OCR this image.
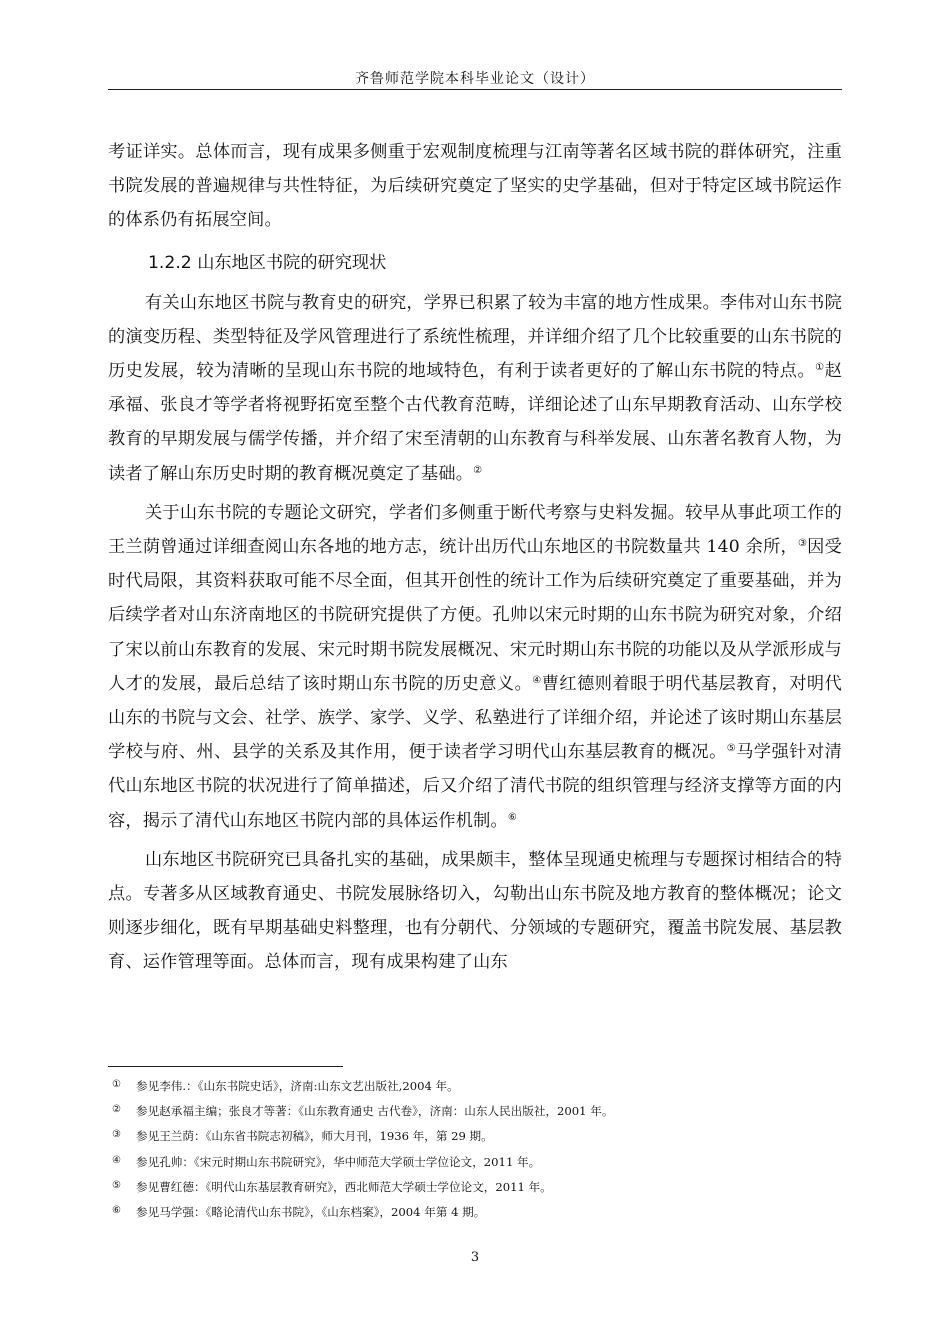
齐鲁师范学院本科毕业论文（设计）

考证详实。总体而言，现有成果多侧重于宏观制度梳理与江南等著名区域书院的群体研究，注重书院发展的普遍规律与共性特征，为后续研究奠定了坚实的史学基础，但对于特定区域书院运作的体系仍有拓展空间。

1.2.2 山东地区书院的研究现状

有关山东地区书院与教育史的研究，学界已积累了较为丰富的地方性成果。李伟对山东书院的演变历程、类型特征及学风管理进行了系统性梳理，并详细介绍了几个比较重要的山东书院的历史发展，较为清晰的呈现山东书院的地域特色，有利于读者更好的了解山东书院的特点。①赵承福、张良才等学者将视野拓宽至整个古代教育范畴，详细论述了山东早期教育活动、山东学校教育的早期发展与儒学传播，并介绍了宋至清朝的山东教育与科举发展、山东著名教育人物，为读者了解山东历史时期的教育概况奠定了基础。②

关于山东书院的专题论文研究，学者们多侧重于断代考察与史料发掘。较早从事此项工作的王兰荫曾通过详细查阅山东各地的地方志，统计出历代山东地区的书院数量共 140 余所，③因受时代局限，其资料获取可能不尽全面，但其开创性的统计工作为后续研究奠定了重要基础，并为后续学者对山东济南地区的书院研究提供了方便。孔帅以宋元时期的山东书院为研究对象，介绍了宋以前山东教育的发展、宋元时期书院发展概况、宋元时期山东书院的功能以及从学派形成与人才的发展，最后总结了该时期山东书院的历史意义。④曹红德则着眼于明代基层教育，对明代山东的书院与文会、社学、族学、家学、义学、私塾进行了详细介绍，并论述了该时期山东基层学校与府、州、县学的关系及其作用，便于读者学习明代山东基层教育的概况。⑤马学强针对清代山东地区书院的状况进行了简单描述，后又介绍了清代书院的组织管理与经济支撑等方面的内容，揭示了清代山东地区书院内部的具体运作机制。⑥

山东地区书院研究已具备扎实的基础，成果颇丰，整体呈现通史梳理与专题探讨相结合的特点。专著多从区域教育通史、书院发展脉络切入，勾勒出山东书院及地方教育的整体概况；论文则逐步细化，既有早期基础史料整理，也有分朝代、分领域的专题研究，覆盖书院发展、基层教育、运作管理等面。总体而言，现有成果构建了山东

① 参见李伟.：《山东书院史话》，济南:山东文艺出版社,2004 年。
② 参见赵承福主编；张良才等著：《山东教育通史 古代卷》，济南：山东人民出版社，2001 年。
③ 参见王兰荫：《山东省书院志初稿》，师大月刊，1936 年，第 29 期。
④ 参见孔帅：《宋元时期山东书院研究》，华中师范大学硕士学位论文，2011 年。
⑤ 参见曹红德：《明代山东基层教育研究》，西北师范大学硕士学位论文，2011 年。
⑥ 参见马学强：《略论清代山东书院》，《山东档案》，2004 年第 4 期。
3
